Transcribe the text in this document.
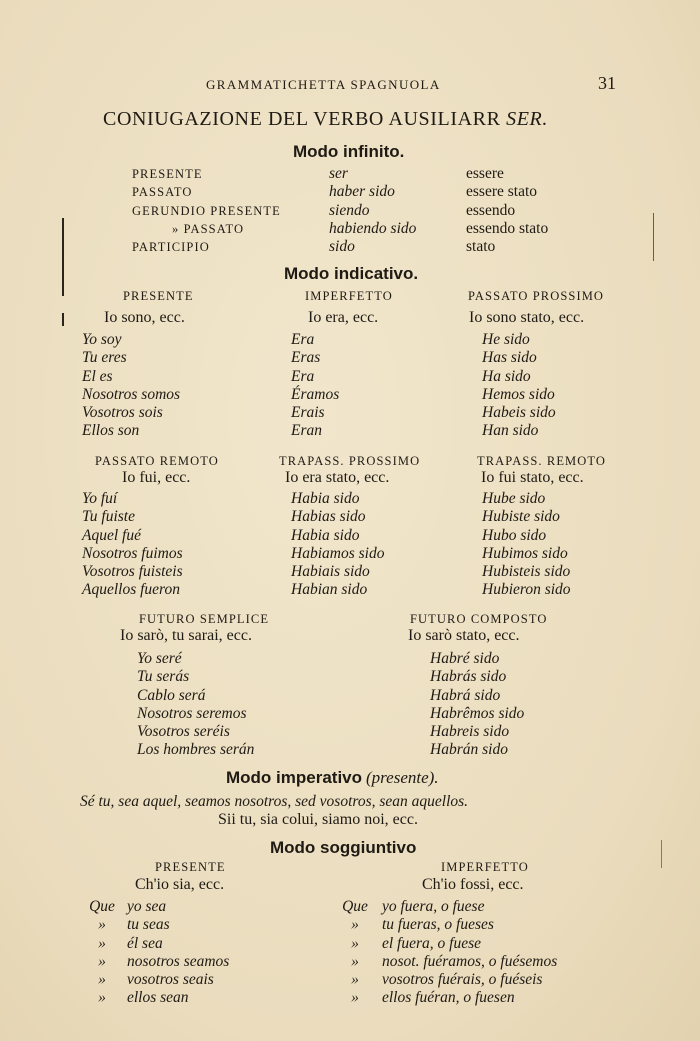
GRAMMATICHETTA SPAGNUOLA	31
CONIUGAZIONE DEL VERBO AUSILIARR SER.
Modo infinito.
PRESENTE
PASSATO
GERUNDIO PRESENTE
» PASSATO
PARTICIPIO
ser
haber sido
siendo
habiendo sido
sido
essere
essere stato
essendo
essendo stato
stato
Modo indicativo.
PRESENTE
Io sono, ecc.
Yo soy
Tu eres
El es
Nosotros somos
Vosotros sois
Ellos son
IMPERFETTO
Io era, ecc.
Era
Eras
Era
Éramos
Erais
Eran
PASSATO PROSSIMO
Io sono stato, ecc.
He sido
Has sido
Ha sido
Hemos sido
Habeis sido
Han sido
PASSATO REMOTO
Io fui, ecc.
Yo fuí
Tu fuiste
Aquel fué
Nosotros fuimos
Vosotros fuisteis
Aquellos fueron
TRAPASS. PROSSIMO
Io era stato, ecc.
Habia sido
Habias sido
Habia sido
Habiamos sido
Habiais sido
Habian sido
TRAPASS. REMOTO
Io fui stato, ecc.
Hube sido
Hubiste sido
Hubo sido
Hubimos sido
Hubisteis sido
Hubieron sido
FUTURO SEMPLICE
Io sarò, tu sarai, ecc.
Yo seré
Tu serás
Cablo será
Nosotros seremos
Vosotros seréis
Los hombres serán
FUTURO COMPOSTO
Io sarò stato, ecc.
Habré sido
Habrás sido
Habrá sido
Habrêmos sido
Habreis sido
Habrán sido
Modo imperativo (presente).
Sé tu, sea aquel, seamos nosotros, sed vosotros, sean aquellos.
Sii tu, sia colui, siamo noi, ecc.
Modo soggiuntivo
PRESENTE
Ch'io sia, ecc.
Que
»
»
»
»
»
yo sea
tu seas
él sea
nosotros seamos
vosotros seais
ellos sean
IMPERFETTO
Ch'io fossi, ecc.
Que
»
»
»
»
»
yo fuera, o fuese
tu fueras, o fueses
el fuera, o fuese
nosot. fuéramos, o fuésemos
vosotros fuérais, o fuéseis
ellos fuéran, o fuesen
